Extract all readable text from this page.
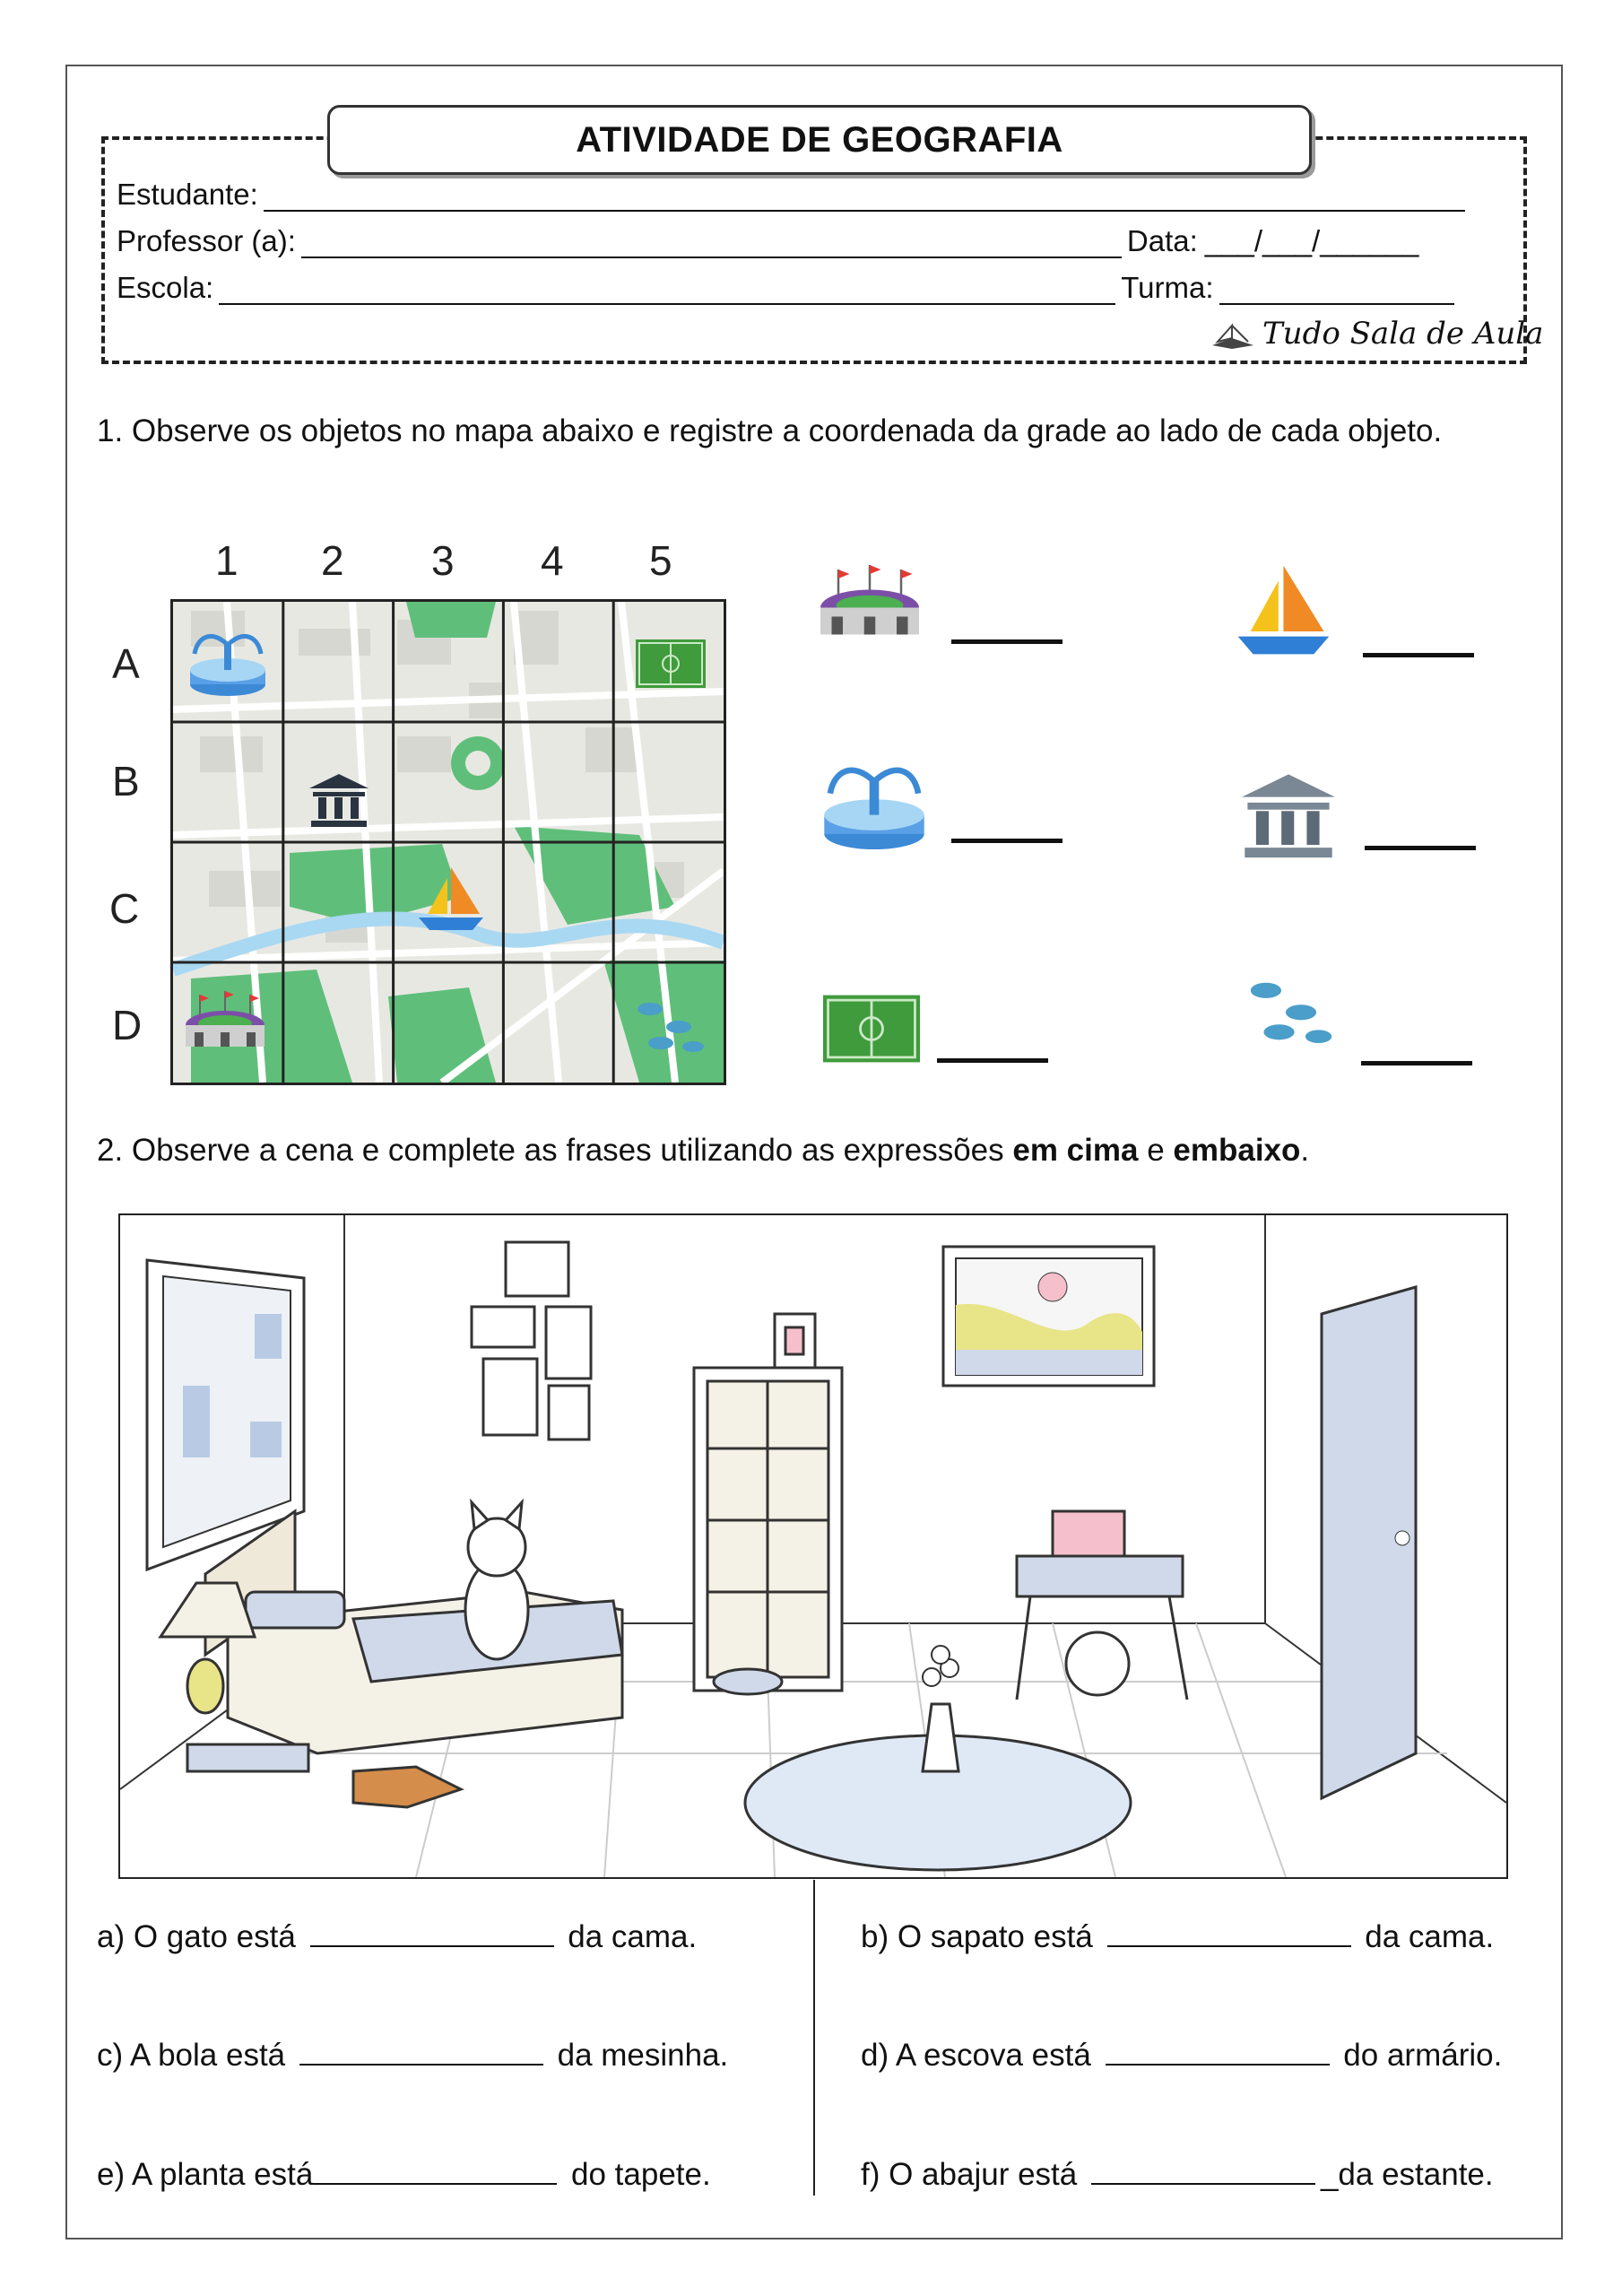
ATIVIDADE DE GEOGRAFIA
Estudante:
Professor (a):	Data: ___/___/______
Escola:	Turma:
Tudo Sala de Aula
1. Observe os objetos no mapa abaixo e registre a coordenada da grade ao lado de cada objeto.
1 2 3 4 5
A
B
C
D
2. Observe a cena e complete as frases utilizando as expressões em cima e embaixo.
a) O gato está	da cama.	b) O sapato está	da cama.
c) A bola está	da mesinha.	d) A escova está	do armário.
e) A planta está	do tapete.	f) O abajur está	_da estante.
